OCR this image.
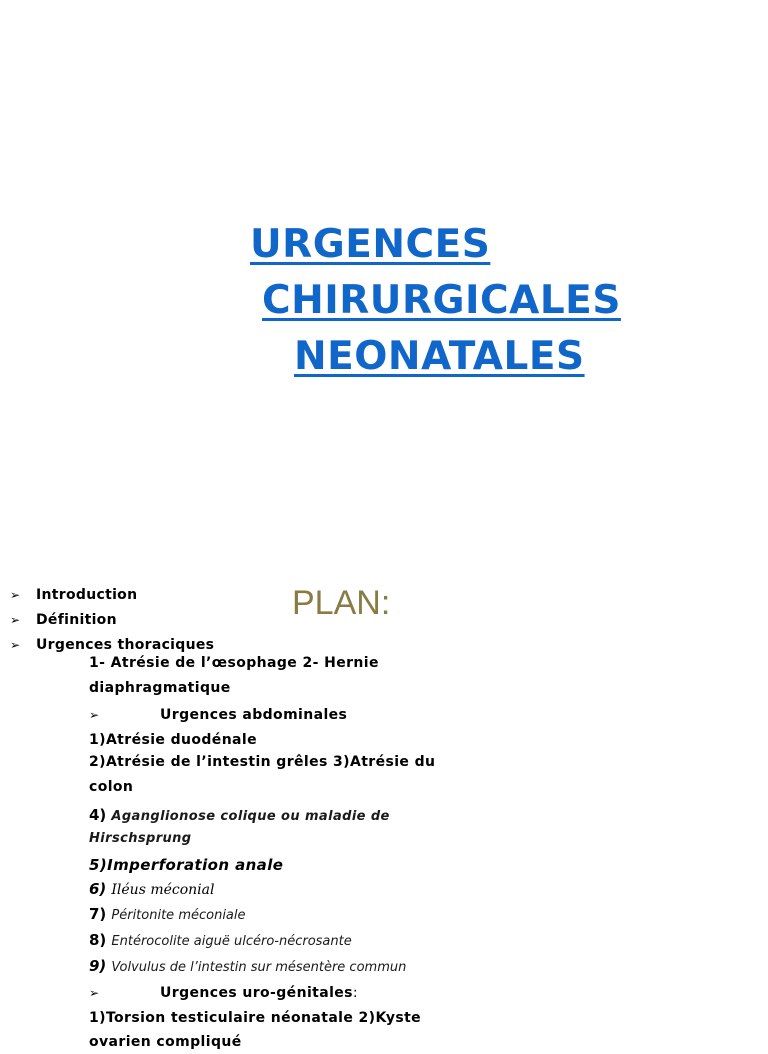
URGENCES
CHIRURGICALES
NEONATALES
PLAN:
➢	Introduction
➢	Définition
➢	Urgences thoraciques
1- Atrésie de l’œsophage 2- Hernie diaphragmatique
➢	Urgences abdominales
1)Atrésie duodénale
2)Atrésie de l’intestin grêles 3)Atrésie du colon
4) Aganglionose colique ou maladie de Hirschsprung
5)Imperforation anale
6) Iléus méconial
7) Péritonite méconiale
8) Entérocolite aiguë ulcéro-nécrosante
9) Volvulus de l’intestin sur mésentère commun
➢	Urgences uro-génitales :
1)Torsion testiculaire néonatale 2)Kyste
ovarien compliqué
